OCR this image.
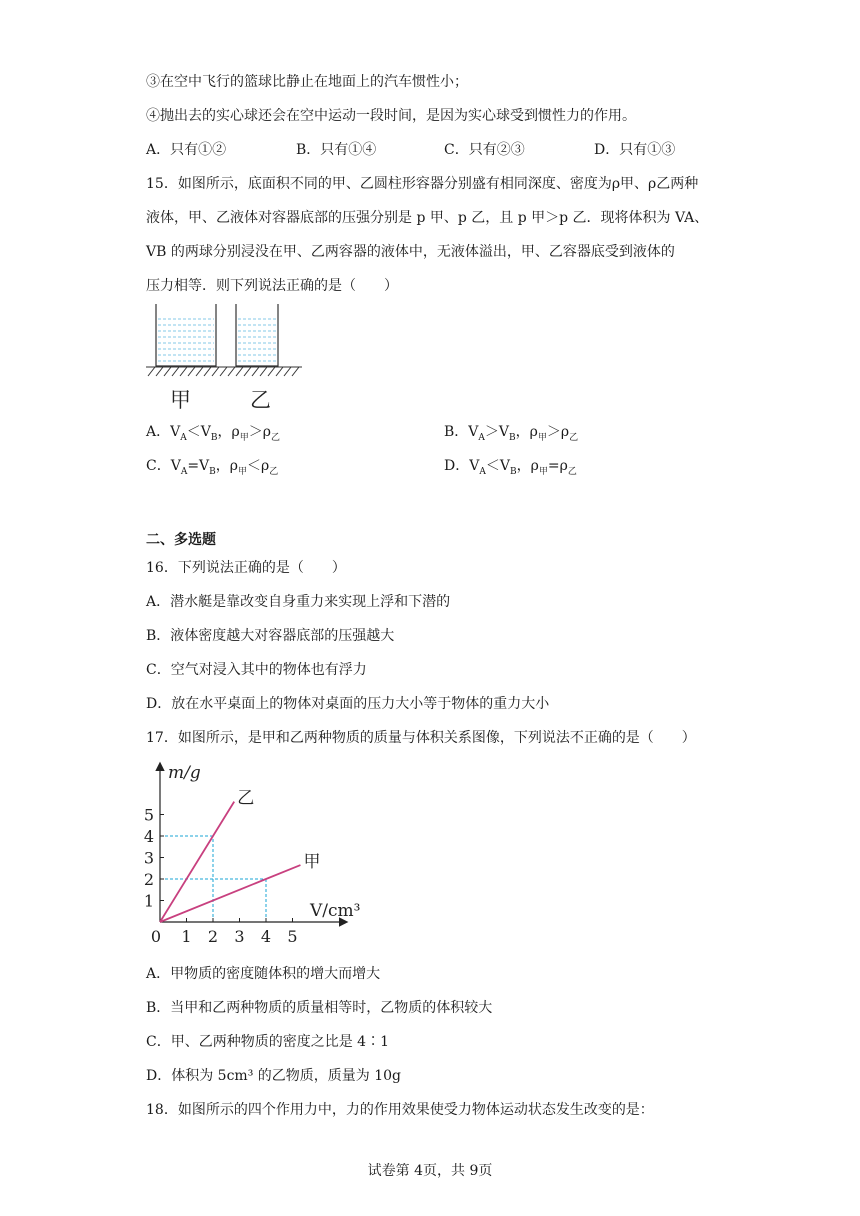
③在空中飞行的篮球比静止在地面上的汽车惯性小；
④抛出去的实心球还会在空中运动一段时间，是因为实心球受到惯性力的作用。
A．只有①②	B．只有①④	C．只有②③	D．只有①③
15．如图所示，底面积不同的甲、乙圆柱形容器分别盛有相同深度、密度为ρ甲、ρ乙两种
液体，甲、乙液体对容器底部的压强分别是 p 甲、p 乙，且 p 甲＞p 乙．现将体积为 VA、
VB 的两球分别浸没在甲、乙两容器的液体中，无液体溢出，甲、乙容器底受到液体的
压力相等．则下列说法正确的是（　　）
甲	乙
A．$V_A<V_B$，$\rho_甲>\rho_乙$	B．$V_A>V_B$，$\rho_甲>\rho_乙$
C．$V_A=V_B$，$\rho_甲<\rho_乙$	D．$V_A<V_B$，$\rho_甲=\rho_乙$
二、多选题
16．下列说法正确的是（　　）
A．潜水艇是靠改变自身重力来实现上浮和下潜的
B．液体密度越大对容器底部的压强越大
C．空气对浸入其中的物体也有浮力
D．放在水平桌面上的物体对桌面的压力大小等于物体的重力大小
17．如图所示，是甲和乙两种物质的质量与体积关系图像，下列说法不正确的是（　　）
乙
甲
1 2 3 4 5
1
2
3
4
5
0
m/g
V/cm³
A．甲物质的密度随体积的增大而增大
B．当甲和乙两种物质的质量相等时，乙物质的体积较大
C．甲、乙两种物质的密度之比是 4∶1
D．体积为 5cm³ 的乙物质，质量为 10g
18．如图所示的四个作用力中，力的作用效果使受力物体运动状态发生改变的是：
试卷第 4页，共 9页
